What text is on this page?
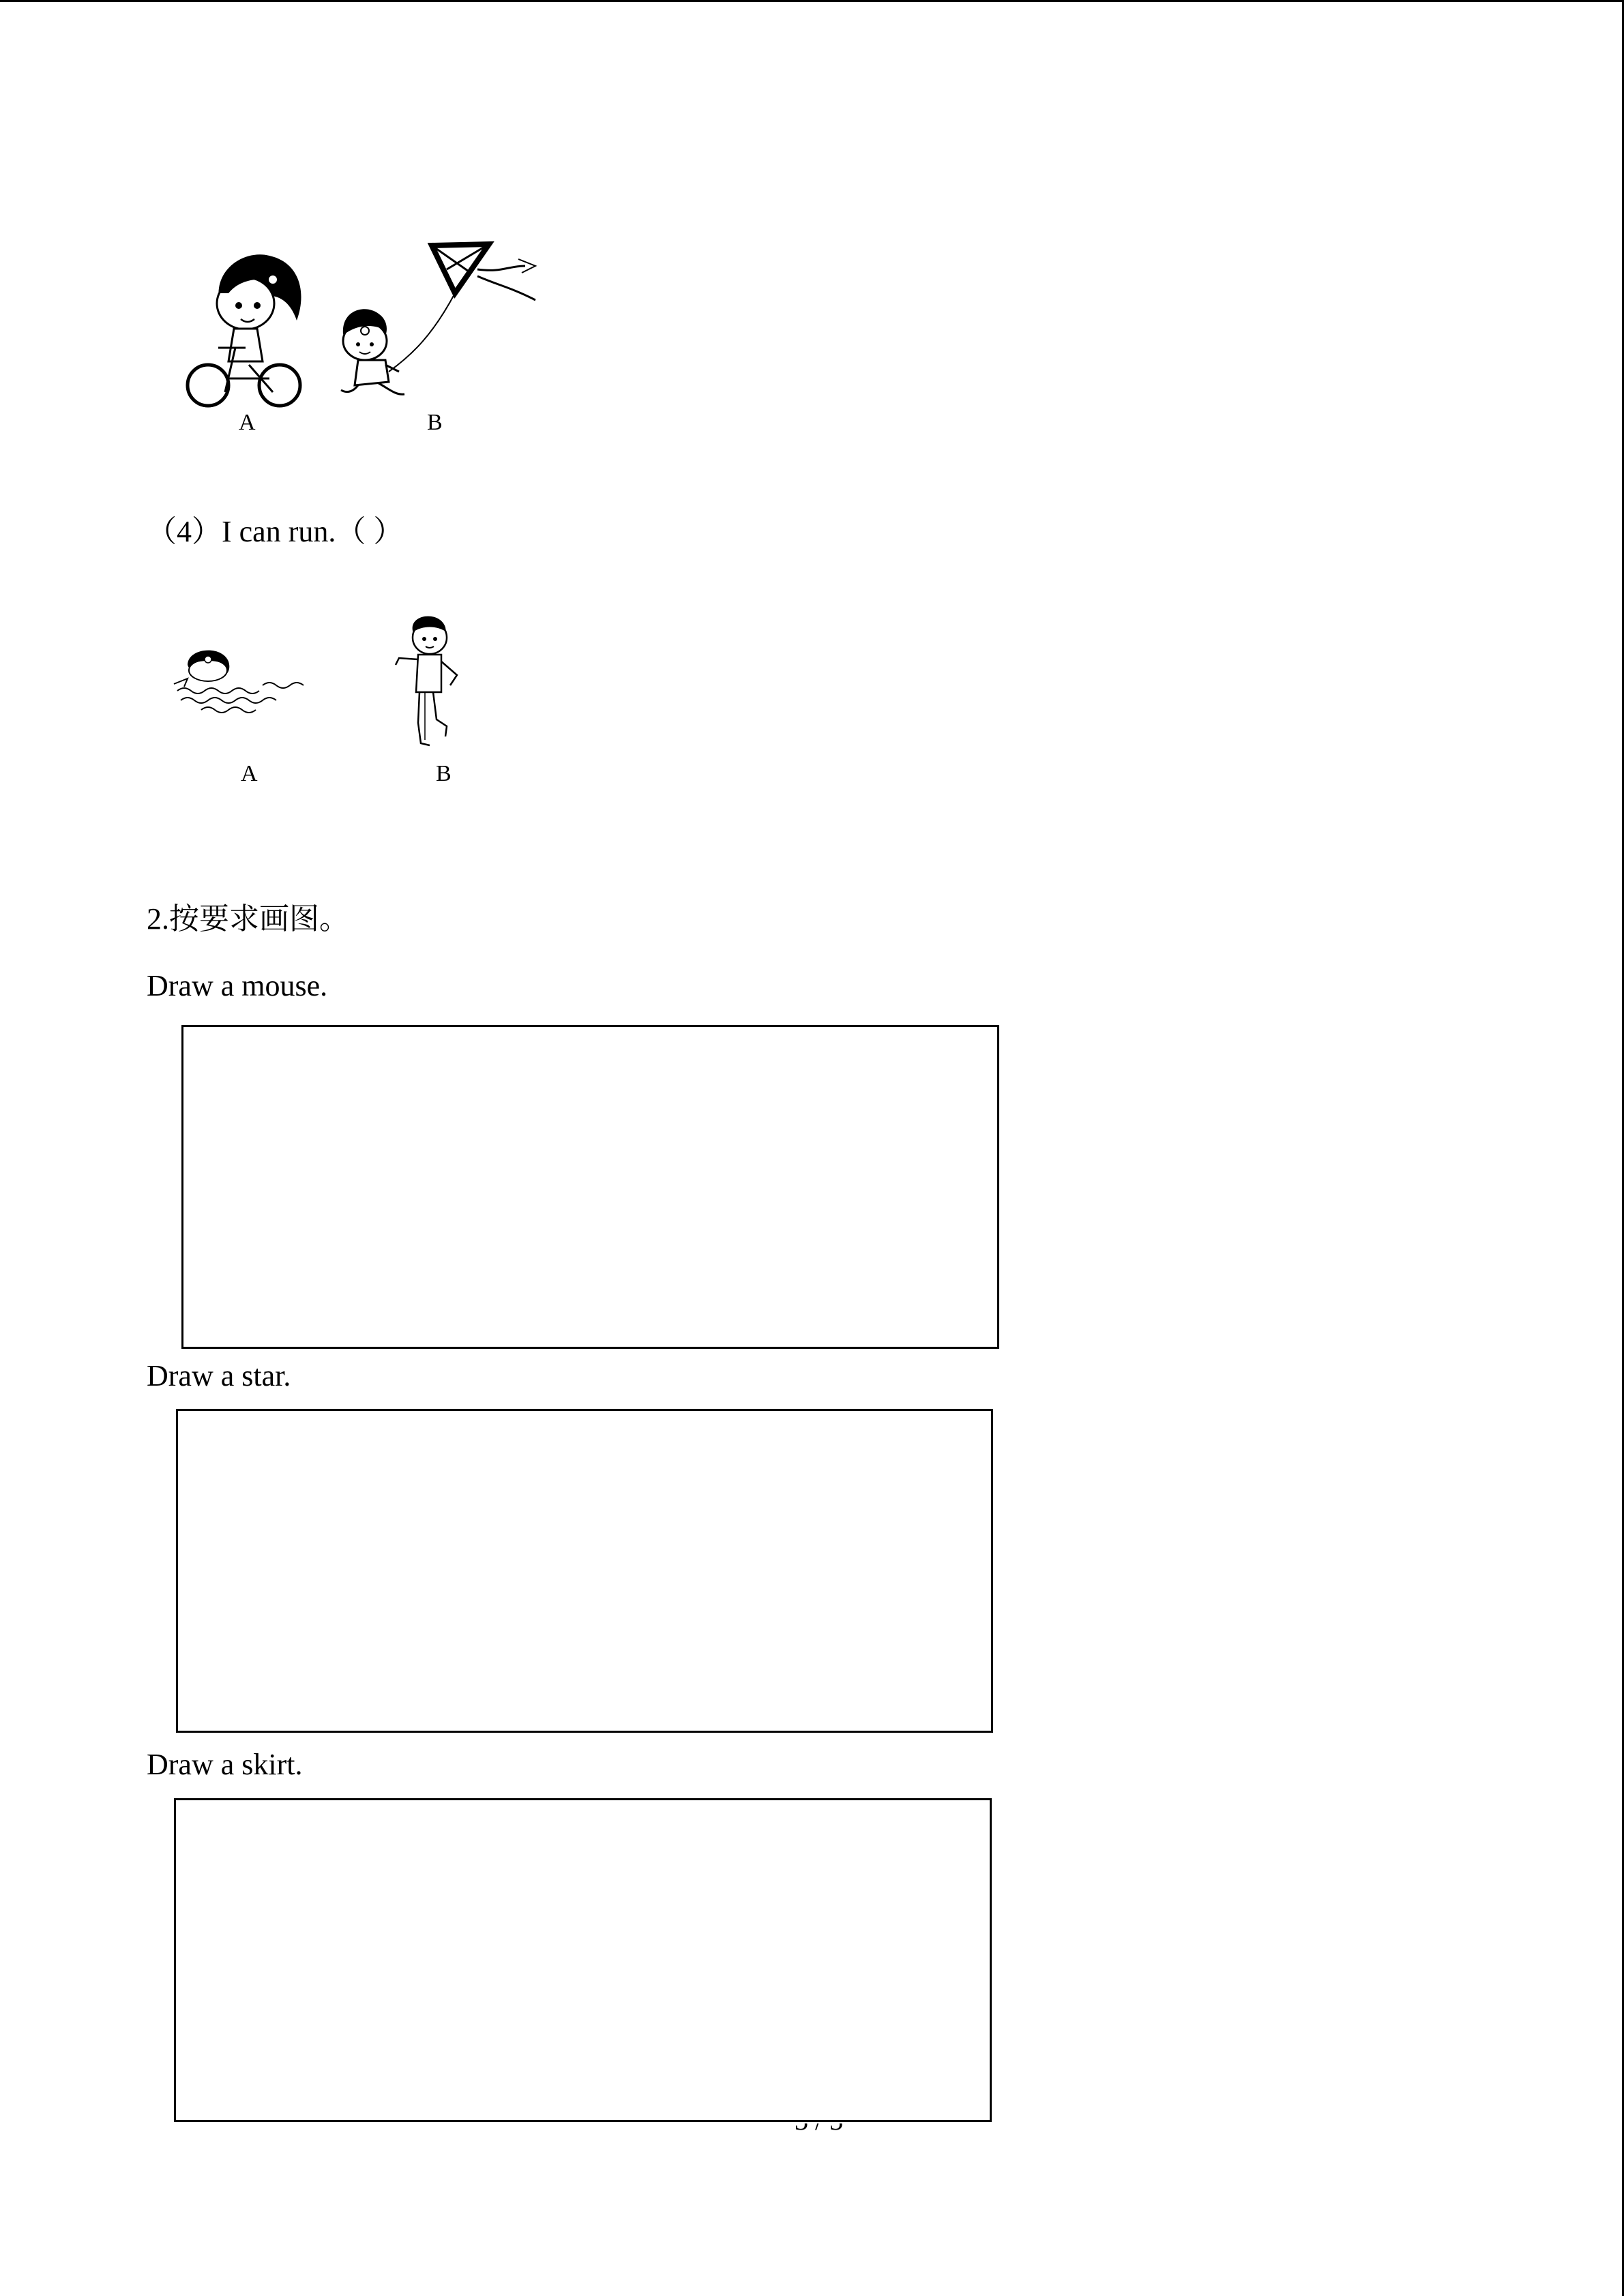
A	B
（4）I can run.（ ）
A	B
2.按要求画图。
Draw a mouse.
Draw a star.
Draw a skirt.
